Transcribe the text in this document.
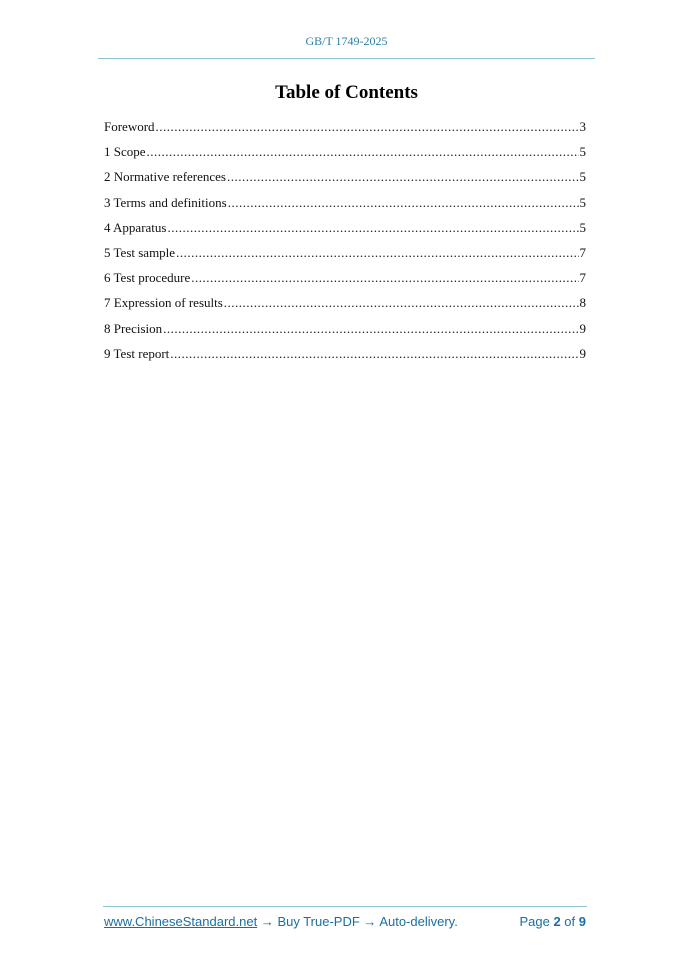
GB/T 1749-2025
Table of Contents
Foreword .....	3
1 Scope .....	5
2 Normative references .....	5
3 Terms and definitions .....	5
4 Apparatus .....	5
5 Test sample .....	7
6 Test procedure .....	7
7 Expression of results .....	8
8 Precision .....	9
9 Test report .....	9
www.ChineseStandard.net → Buy True-PDF → Auto-delivery.	Page 2 of 9
